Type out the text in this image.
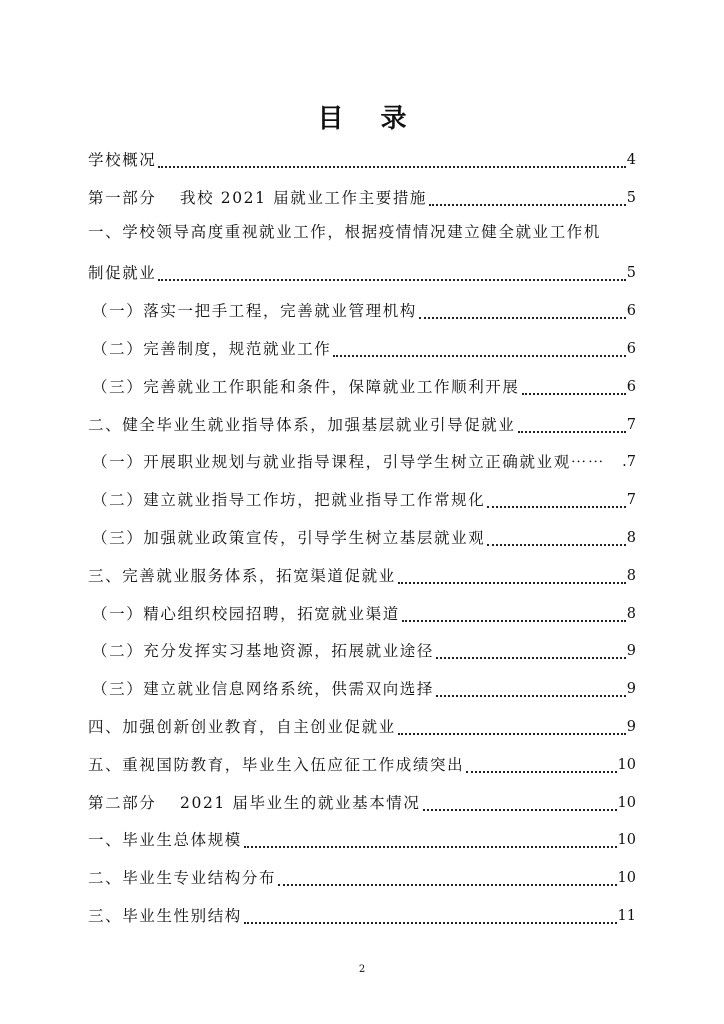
目 录
学校概况	4
第一部分　 我校 2021 届就业工作主要措施	5
一、学校领导高度重视就业工作，根据疫情情况建立健全就业工作机
制促就业	5
（一）落实一把手工程，完善就业管理机构	6
（二）完善制度，规范就业工作	6
（三）完善就业工作职能和条件，保障就业工作顺利开展	6
二、健全毕业生就业指导体系，加强基层就业引导促就业	7
（一）开展职业规划与就业指导课程，引导学生树立正确就业观⋯⋯ .7
（二）建立就业指导工作坊，把就业指导工作常规化	7
（三）加强就业政策宣传，引导学生树立基层就业观	8
三、完善就业服务体系，拓宽渠道促就业	8
（一）精心组织校园招聘，拓宽就业渠道	8
（二）充分发挥实习基地资源，拓展就业途径	9
（三）建立就业信息网络系统，供需双向选择	9
四、加强创新创业教育，自主创业促就业	9
五、重视国防教育，毕业生入伍应征工作成绩突出	10
第二部分　 2021 届毕业生的就业基本情况	10
一、毕业生总体规模	10
二、毕业生专业结构分布	10
三、毕业生性别结构	11
2
